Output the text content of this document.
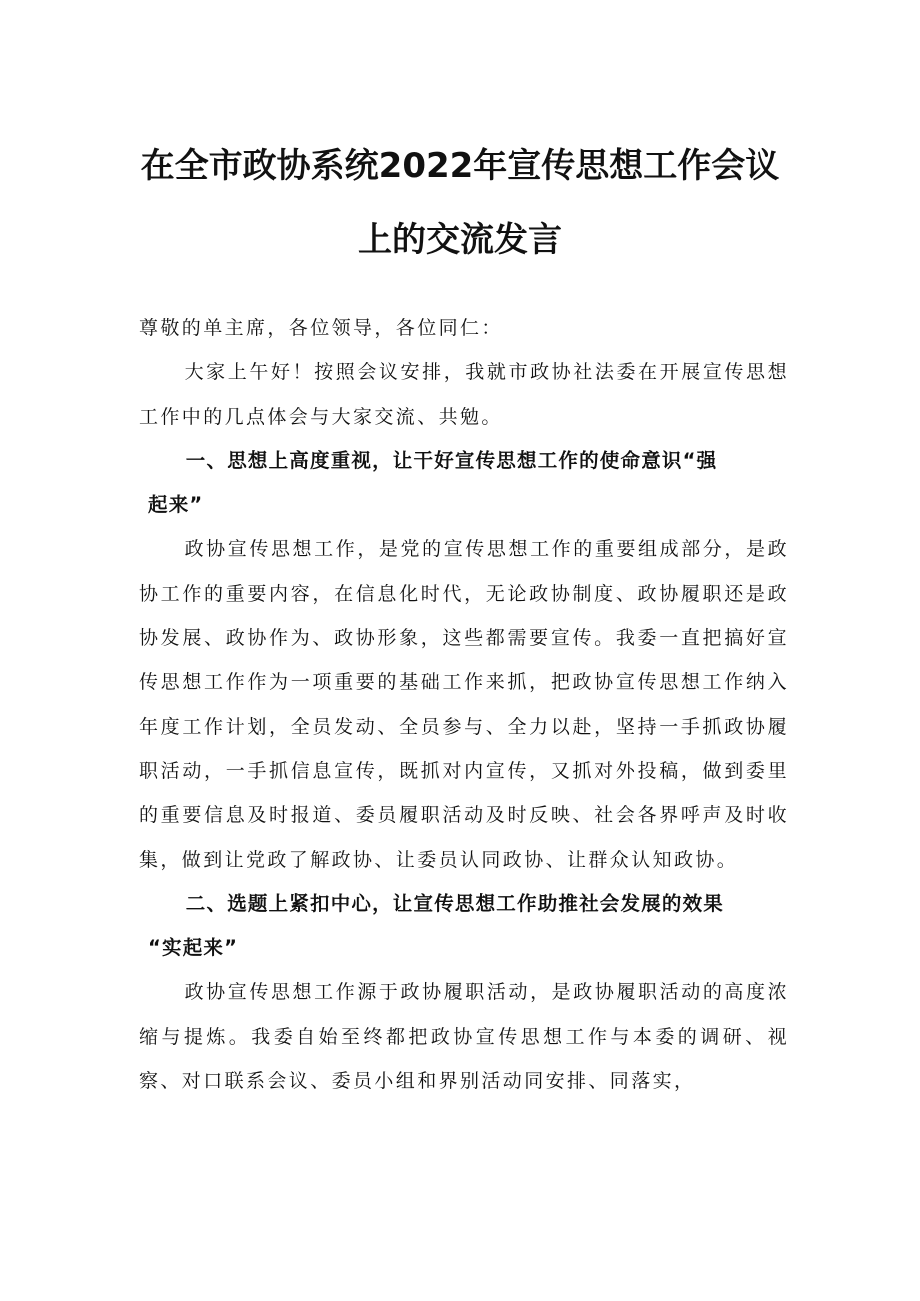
在全市政协系统2022年宣传思想工作会议
上的交流发言

尊敬的单主席，各位领导，各位同仁：

大家上午好！按照会议安排，我就市政协社法委在开展宣传思想工作中的几点体会与大家交流、共勉。

一、思想上高度重视，让干好宣传思想工作的使命意识“强
起来”

政协宣传思想工作，是党的宣传思想工作的重要组成部分，是政协工作的重要内容，在信息化时代，无论政协制度、政协履职还是政协发展、政协作为、政协形象，这些都需要宣传。我委一直把搞好宣传思想工作作为一项重要的基础工作来抓，把政协宣传思想工作纳入年度工作计划，全员发动、全员参与、全力以赴，坚持一手抓政协履职活动，一手抓信息宣传，既抓对内宣传，又抓对外投稿，做到委里的重要信息及时报道、委员履职活动及时反映、社会各界呼声及时收集，做到让党政了解政协、让委员认同政协、让群众认知政协。

二、选题上紧扣中心，让宣传思想工作助推社会发展的效果
“实起来”

政协宣传思想工作源于政协履职活动，是政协履职活动的高度浓缩与提炼。我委自始至终都把政协宣传思想工作与本委的调研、视察、对口联系会议、委员小组和界别活动同安排、同落实，
